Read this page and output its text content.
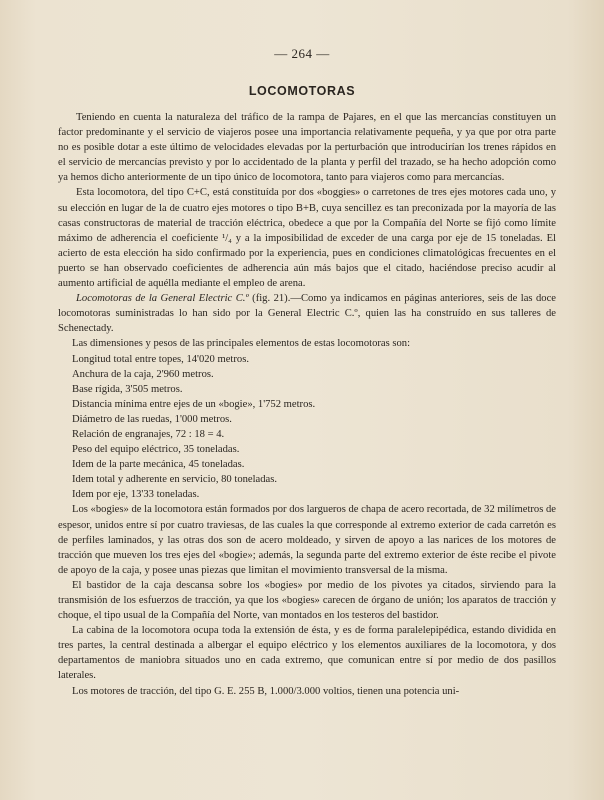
— 264 —
LOCOMOTORAS

Teniendo en cuenta la naturaleza del tráfico de la rampa de Pajares, en el que las mercancías constituyen un factor predominante y el servicio de viajeros posee una importancia relativamente pequeña, y ya que por otra parte no es posible dotar a este último de velocidades elevadas por la perturbación que introducirían los trenes rápidos en el servicio de mercancías previsto y por lo accidentado de la planta y perfil del trazado, se ha hecho adopción como ya hemos dicho anteriormente de un tipo único de locomotora, tanto para viajeros como para mercancías.

Esta locomotora, del tipo C+C, está constituída por dos «boggies» o carretones de tres ejes motores cada uno, y su elección en lugar de la de cuatro ejes motores o tipo B+B, cuya sencillez es tan preconizada por la mayoría de las casas constructoras de material de tracción eléctrica, obedece a que por la Compañía del Norte se fijó como límite máximo de adherencia el coeficiente ¹/₄ y a la imposibilidad de exceder de una carga por eje de 15 toneladas. El acierto de esta elección ha sido confirmado por la experiencia, pues en condiciones climatológicas frecuentes en el puerto se han observado coeficientes de adherencia aún más bajos que el citado, haciéndose preciso acudir al aumento artificial de aquélla mediante el empleo de arena.

Locomotoras de la General Electric C.º (fig. 21).—Como ya indicamos en páginas anteriores, seis de las doce locomotoras suministradas lo han sido por la General Electric C.º, quien las ha construído en sus talleres de Schenectady.

Las dimensiones y pesos de las principales elementos de estas locomotoras son:

Longitud total entre topes, 14'020 metros.

Anchura de la caja, 2'960 metros.

Base rígida, 3'505 metros.

Distancia mínima entre ejes de un «bogie», 1'752 metros.

Diámetro de las ruedas, 1'000 metros.

Relación de engranajes, 72 : 18 = 4.

Peso del equipo eléctrico, 35 toneladas.

Idem de la parte mecánica, 45 toneladas.

Idem total y adherente en servicio, 80 toneladas.

Idem por eje, 13'33 toneladas.

Los «bogies» de la locomotora están formados por dos largueros de chapa de acero recortada, de 32 milímetros de espesor, unidos entre sí por cuatro traviesas, de las cuales la que corresponde al extremo exterior de cada carretón es de perfiles laminados, y las otras dos son de acero moldeado, y sirven de apoyo a las narices de los motores de tracción que mueven los tres ejes del «bogie»; además, la segunda parte del extremo exterior de éste recibe el pivote de apoyo de la caja, y posee unas piezas que limitan el movimiento transversal de la misma.

El bastidor de la caja descansa sobre los «bogies» por medio de los pivotes ya citados, sirviendo para la transmisión de los esfuerzos de tracción, ya que los «bogies» carecen de órgano de unión; los aparatos de tracción y choque, el tipo usual de la Compañía del Norte, van montados en los testeros del bastidor.

La cabina de la locomotora ocupa toda la extensión de ésta, y es de forma paralelepipédica, estando dividida en tres partes, la central destinada a albergar el equipo eléctrico y los elementos auxiliares de la locomotora, y dos departamentos de maniobra situados uno en cada extremo, que comunican entre sí por medio de dos pasillos laterales.

Los motores de tracción, del tipo G. E. 255 B, 1.000/3.000 voltios, tienen una potencia uni-
